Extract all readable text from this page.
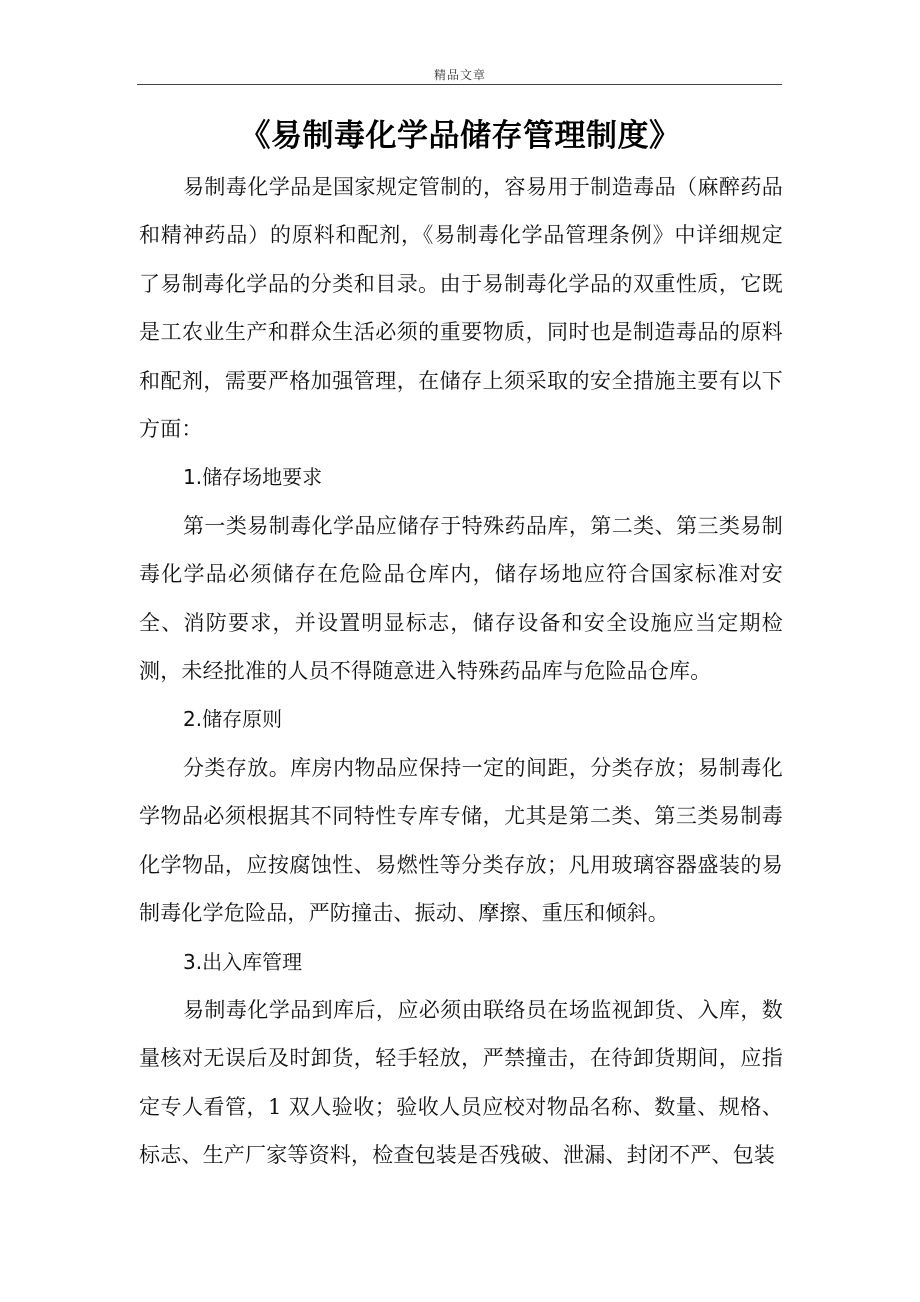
精品文章
《易制毒化学品储存管理制度》

易制毒化学品是国家规定管制的，容易用于制造毒品（麻醉药品和精神药品）的原料和配剂，《易制毒化学品管理条例》中详细规定了易制毒化学品的分类和目录。由于易制毒化学品的双重性质，它既是工农业生产和群众生活必须的重要物质，同时也是制造毒品的原料和配剂，需要严格加强管理，在储存上须采取的安全措施主要有以下方面：

1.储存场地要求

第一类易制毒化学品应储存于特殊药品库，第二类、第三类易制毒化学品必须储存在危险品仓库内，储存场地应符合国家标准对安全、消防要求，并设置明显标志，储存设备和安全设施应当定期检测，未经批准的人员不得随意进入特殊药品库与危险品仓库。

2.储存原则

分类存放。库房内物品应保持一定的间距，分类存放；易制毒化学物品必须根据其不同特性专库专储，尤其是第二类、第三类易制毒化学物品，应按腐蚀性、易燃性等分类存放；凡用玻璃容器盛装的易制毒化学危险品，严防撞击、振动、摩擦、重压和倾斜。

3.出入库管理

易制毒化学品到库后，应必须由联络员在场监视卸货、入库，数量核对无误后及时卸货，轻手轻放，严禁撞击，在待卸货期间，应指定专人看管，1 双人验收；验收人员应校对物品名称、数量、规格、标志、生产厂家等资料，检查包装是否残破、泄漏、封闭不严、包装
